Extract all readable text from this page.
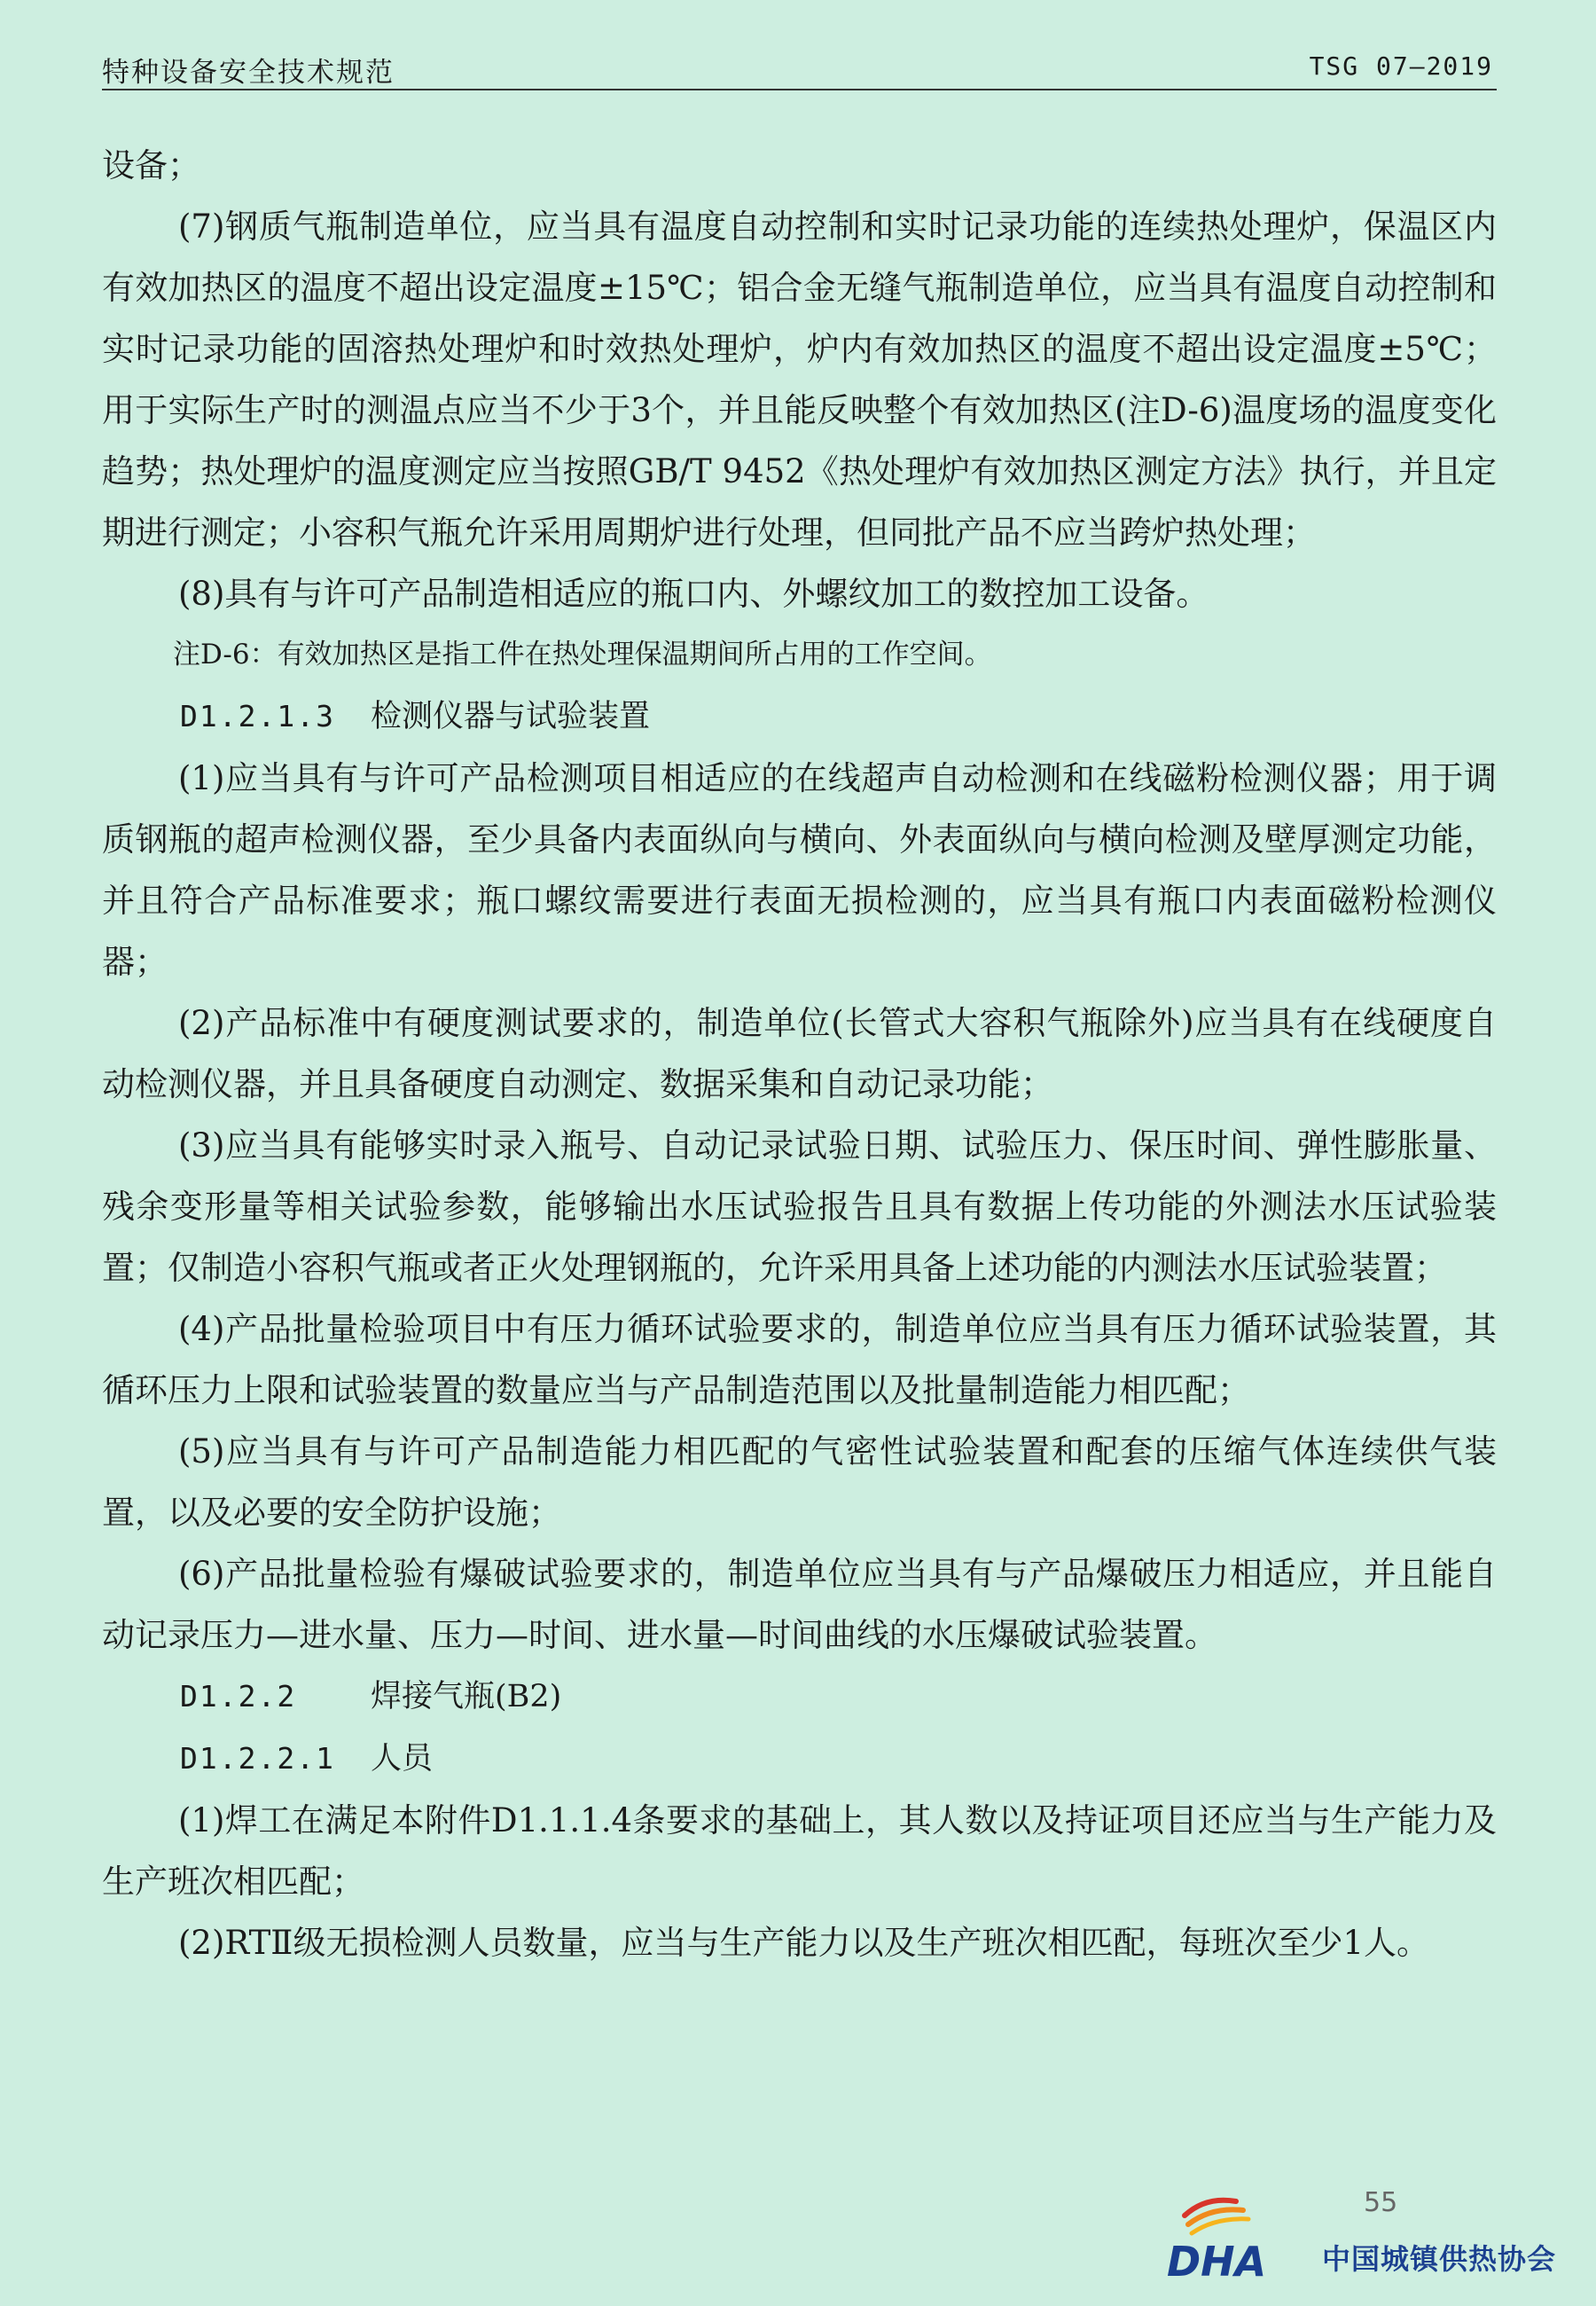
特种设备安全技术规范	TSG 07—2019

设备；

(7)钢质气瓶制造单位，应当具有温度自动控制和实时记录功能的连续热处理炉，保温区内有效加热区的温度不超出设定温度±15℃；铝合金无缝气瓶制造单位，应当具有温度自动控制和实时记录功能的固溶热处理炉和时效热处理炉，炉内有效加热区的温度不超出设定温度±5℃；用于实际生产时的测温点应当不少于3个，并且能反映整个有效加热区(注D-6)温度场的温度变化趋势；热处理炉的温度测定应当按照GB/T 9452《热处理炉有效加热区测定方法》执行，并且定期进行测定；小容积气瓶允许采用周期炉进行处理，但同批产品不应当跨炉热处理；

(8)具有与许可产品制造相适应的瓶口内、外螺纹加工的数控加工设备。

注D-6：有效加热区是指工件在热处理保温期间所占用的工作空间。

D1.2.1.3 检测仪器与试验装置

(1)应当具有与许可产品检测项目相适应的在线超声自动检测和在线磁粉检测仪器；用于调质钢瓶的超声检测仪器，至少具备内表面纵向与横向、外表面纵向与横向检测及壁厚测定功能，并且符合产品标准要求；瓶口螺纹需要进行表面无损检测的，应当具有瓶口内表面磁粉检测仪器；

(2)产品标准中有硬度测试要求的，制造单位(长管式大容积气瓶除外)应当具有在线硬度自动检测仪器，并且具备硬度自动测定、数据采集和自动记录功能；

(3)应当具有能够实时录入瓶号、自动记录试验日期、试验压力、保压时间、弹性膨胀量、残余变形量等相关试验参数，能够输出水压试验报告且具有数据上传功能的外测法水压试验装置；仅制造小容积气瓶或者正火处理钢瓶的，允许采用具备上述功能的内测法水压试验装置；

(4)产品批量检验项目中有压力循环试验要求的，制造单位应当具有压力循环试验装置，其循环压力上限和试验装置的数量应当与产品制造范围以及批量制造能力相匹配；

(5)应当具有与许可产品制造能力相匹配的气密性试验装置和配套的压缩气体连续供气装置，以及必要的安全防护设施；

(6)产品批量检验有爆破试验要求的，制造单位应当具有与产品爆破压力相适应，并且能自动记录压力—进水量、压力—时间、进水量—时间曲线的水压爆破试验装置。

D1.2.2 焊接气瓶(B2)

D1.2.2.1 人员

(1)焊工在满足本附件D1.1.1.4条要求的基础上，其人数以及持证项目还应当与生产能力及生产班次相匹配；

(2)RTⅡ级无损检测人员数量，应当与生产能力以及生产班次相匹配，每班次至少1人。

55
DHA 中国城镇供热协会
